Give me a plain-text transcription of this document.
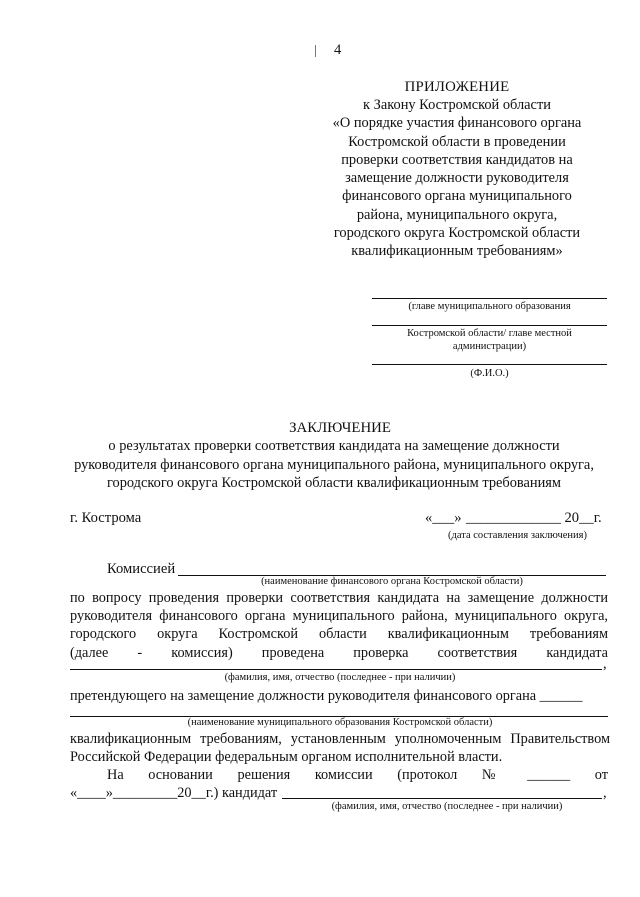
4
ПРИЛОЖЕНИЕ
к Закону Костромской области
«О порядке участия финансового органа
Костромской области в проведении
проверки соответствия кандидатов на
замещение должности руководителя
финансового органа муниципального
района, муниципального округа,
городского округа Костромской области
квалификационным требованиям»
(главе муниципального образования
Костромской области/ главе местной
администрации)
(Ф.И.О.)
ЗАКЛЮЧЕНИЕ
о результатах проверки соответствия кандидата на замещение должности
руководителя финансового органа муниципального района, муниципального округа,
городского округа Костромской области квалификационным требованиям
г. Кострома	«___» _____________ 20__г.
(дата составления заключения)
Комиссией
(наименование финансового органа Костромской области)
по вопросу проведения проверки соответствия кандидата на замещение должности
руководителя финансового органа муниципального района, муниципального округа,
городского округа Костромской области квалификационным требованиям
(далее - комиссия) проведена проверка соответствия кандидата
,
(фамилия, имя, отчество (последнее - при наличии)
претендующего на замещение должности руководителя финансового органа ______
(наименование муниципального образования Костромской области)
квалификационным требованиям, установленным уполномоченным Правительством
Российской Федерации федеральным органом исполнительной власти.
На основании решения комиссии (протокол № ______ от
«____»_________20__г.) кандидат	,
(фамилия, имя, отчество (последнее - при наличии)
